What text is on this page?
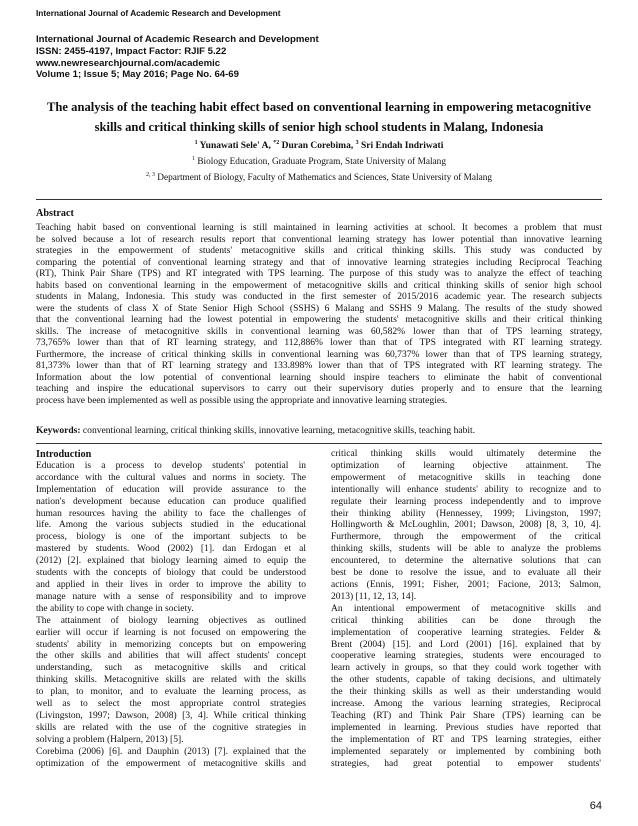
International Journal of Academic Research and Development
International Journal of Academic Research and Development
ISSN: 2455-4197, Impact Factor: RJIF 5.22
www.newresearchjournal.com/academic
Volume 1; Issue 5; May 2016; Page No. 64-69
The analysis of the teaching habit effect based on conventional learning in empowering metacognitive
skills and critical thinking skills of senior high school students in Malang, Indonesia
$^1$ Yunawati Sele' A, $^{*2}$ Duran Corebima, $^3$ Sri Endah Indriwati
$^1$ Biology Education, Graduate Program, State University of Malang
$^{2, 3}$ Department of Biology, Faculty of Mathematics and Sciences, State University of Malang
Abstract
Teaching habit based on conventional learning is still maintained in learning activities at school. It becomes a problem that must
be solved because a lot of research results report that conventional learning strategy has lower potential than innovative learning
strategies in the empowerment of students' metacognitive skills and critical thinking skills. This study was conducted by
comparing the potential of conventional learning strategy and that of innovative learning strategies including Reciprocal Teaching
(RT), Think Pair Share (TPS) and RT integrated with TPS learning. The purpose of this study was to analyze the effect of teaching
habits based on conventional learning in the empowerment of metacognitive skills and critical thinking skills of senior high school
students in Malang, Indonesia. This study was conducted in the first semester of 2015/2016 academic year. The research subjects
were the students of class X of State Senior High School (SSHS) 6 Malang and SSHS 9 Malang. The results of the study showed
that the conventional learning had the lowest potential in empowering the students' metacognitive skills and their critical thinking
skills. The increase of metacognitive skills in conventional learning was 60,582% lower than that of TPS learning strategy,
73,765% lower than that of RT learning strategy, and 112,886% lower than that of TPS integrated with RT learning strategy.
Furthermore, the increase of critical thinking skills in conventional learning was 60,737% lower than that of TPS learning strategy,
81,373% lower than that of RT learning strategy and 133.898% lower than that of TPS integrated with RT learning strategy. The
Information about the low potential of conventional learning should inspire teachers to eliminate the habit of conventional
teaching and inspire the educational supervisors to carry out their supervisory duties properly and to ensure that the learning
process have been implemented as well as possible using the appropriate and innovative learning strategies.
Keywords: conventional learning, critical thinking skills, innovative learning, metacognitive skills, teaching habit.

Introduction

Education is a process to develop students' potential in
accordance with the cultural values and norms in society. The
Implementation of education will provide assurance to the
nation's development because education can produce qualified
human resources having the ability to face the challenges of
life. Among the various subjects studied in the educational
process, biology is one of the important subjects to be
mastered by students. Wood (2002) [1]. dan Erdogan et al
(2012) [2]. explained that biology learning aimed to equip the
students with the concepts of biology that could be understood
and applied in their lives in order to improve the ability to
manage nature with a sense of responsibility and to improve
the ability to cope with change in society.
The attainment of biology learning objectives as outlined
earlier will occur if learning is not focused on empowering the
students' ability in memorizing concepts but on empowering
the other skills and abilities that will affect students' concept
understanding, such as metacognitive skills and critical
thinking skills. Metacognitive skills are related with the skills
to plan, to monitor, and to evaluate the learning process, as
well as to select the most appropriate control strategies
(Livingston, 1997; Dawson, 2008) [3, 4]. While critical thinking
skills are related with the use of the cognitive strategies in
solving a problem (Halpern, 2013) [5].
Corebima (2006) [6]. and Dauphin (2013) [7]. explained that the
optimization of the empowerment of metacognitive skills and
critical thinking skills would ultimately determine the
optimization of learning objective attainment. The
empowerment of metacognitive skills in teaching done
intentionally will enhance students' ability to recognize and to
regulate their learning process independently and to improve
their thinking ability (Hennessey, 1999; Livingston, 1997;
Hollingworth & McLoughlin, 2001; Dawson, 2008) [8, 3, 10, 4].
Furthermore, through the empowerment of the critical
thinking skills, students will be able to analyze the problems
encountered, to determine the alternative solutions that can
best be done to resolve the issue, and to evaluate all their
actions (Ennis, 1991; Fisher, 2001; Facione, 2013; Salmon,
2013) [11, 12, 13, 14].
An intentional empowerment of metacognitive skills and
critical thinking abilities can be done through the
implementation of cooperative learning strategies. Felder &
Brent (2004) [15]. and Lord (2001) [16]. explained that by
cooperative learning strategies, students were encouraged to
learn actively in groups, so that they could work together with
the other students, capable of taking decisions, and ultimately
the their thinking skills as well as their understanding would
increase. Among the various learning strategies, Reciprocal
Teaching (RT) and Think Pair Share (TPS) learning can be
implemented in learning. Previous studies have reported that
the implementation of RT and TPS learning strategies, either
implemented separately or implemented by combining both
strategies, had great potential to empower students'
64
